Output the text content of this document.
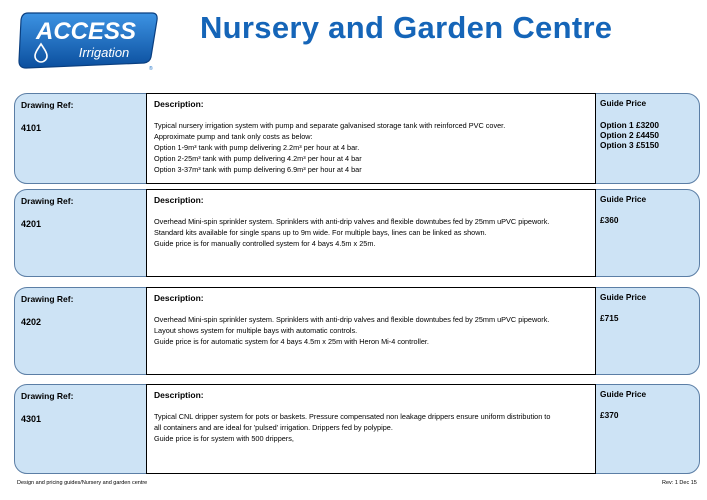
ACCESS
Irrigation
®
Nursery and Garden Centre
Drawing Ref:
4101
Description:
Typical nursery irrigation system with pump and separate galvanised storage tank with reinforced PVC cover.
Approximate pump and tank only costs as below:
Option 1-9m³ tank with pump delivering 2.2m³ per hour at 4 bar.
Option 2-25m³ tank with pump delivering 4.2m³ per hour at 4 bar
Option 3-37m³ tank with pump delivering 6.9m³ per hour at 4 bar
Guide Price
Option 1 £3200
Option 2 £4450
Option 3 £5150
Drawing Ref:
4201
Description:
Overhead Mini-spin sprinkler system. Sprinklers with anti-drip valves and flexible downtubes fed by 25mm uPVC pipework.
Standard kits available for single spans up to 9m wide. For multiple bays, lines can be linked as shown.
Guide price is for manually controlled system for 4 bays 4.5m x 25m.
Guide Price
£360
Drawing Ref:
4202
Description:
Overhead Mini-spin sprinkler system. Sprinklers with anti-drip valves and flexible downtubes fed by 25mm uPVC pipework.
Layout shows system for multiple bays with automatic controls.
Guide price is for automatic system for 4 bays 4.5m x 25m with Heron Mi-4 controller.
Guide Price
£715
Drawing Ref:
4301
Description:
Typical CNL dripper system for pots or baskets. Pressure compensated non leakage drippers ensure uniform distribution to
all containers and are ideal for 'pulsed' irrigation. Drippers fed by polypipe.
Guide price is for system with 500 drippers,
Guide Price
£370
Design and pricing guides/Nursery and garden centre	Rev: 1 Dec 15
